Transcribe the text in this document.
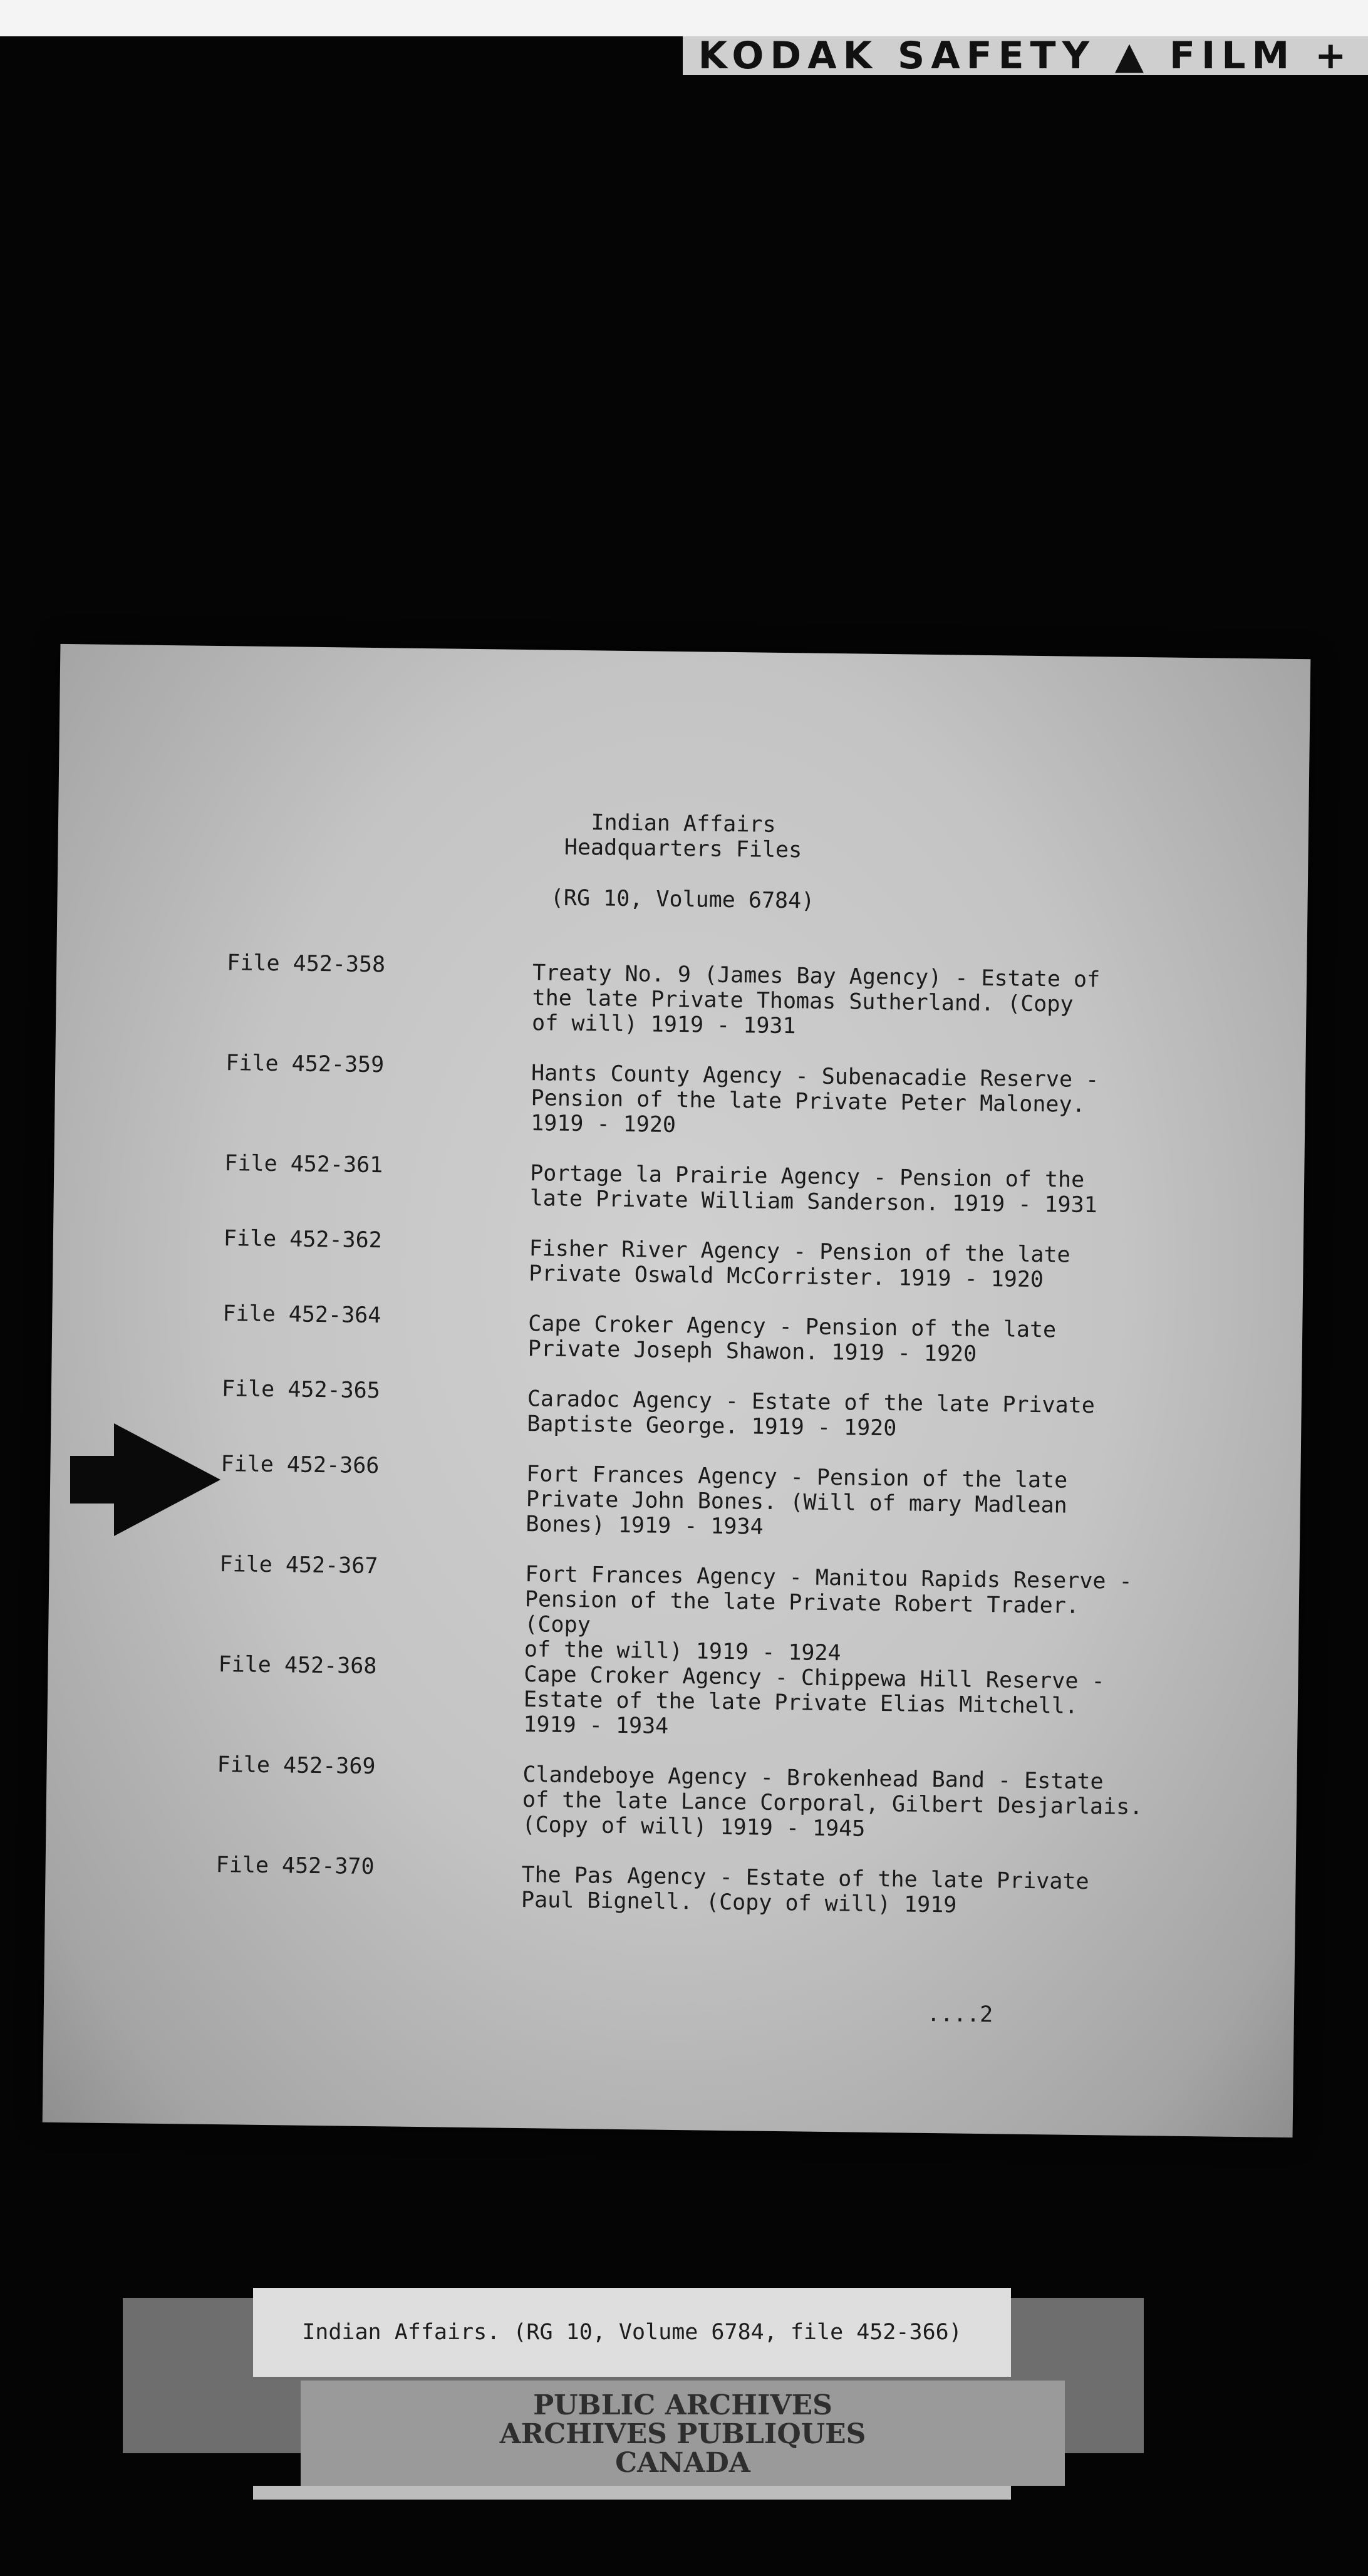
KODAK SAFETY ▲ FILM +
Indian Affairs
Headquarters Files
(RG 10, Volume 6784)
File 452-358	Treaty No. 9 (James Bay Agency) - Estate of
the late Private Thomas Sutherland. (Copy
of will) 1919 - 1931
File 452-359	Hants County Agency - Subenacadie Reserve -
Pension of the late Private Peter Maloney.
1919 - 1920
File 452-361	Portage la Prairie Agency - Pension of the
late Private William Sanderson. 1919 - 1931
File 452-362	Fisher River Agency - Pension of the late
Private Oswald McCorrister. 1919 - 1920
File 452-364	Cape Croker Agency - Pension of the late
Private Joseph Shawon. 1919 - 1920
File 452-365	Caradoc Agency - Estate of the late Private
Baptiste George. 1919 - 1920
File 452-366	Fort Frances Agency - Pension of the late
Private John Bones. (Will of mary Madlean
Bones) 1919 - 1934
File 452-367	Fort Frances Agency - Manitou Rapids Reserve -
Pension of the late Private Robert Trader. (Copy
of the will) 1919 - 1924
File 452-368	Cape Croker Agency - Chippewa Hill Reserve -
Estate of the late Private Elias Mitchell.
1919 - 1934
File 452-369	Clandeboye Agency - Brokenhead Band - Estate
of the late Lance Corporal, Gilbert Desjarlais.
(Copy of will) 1919 - 1945
File 452-370	The Pas Agency - Estate of the late Private
Paul Bignell. (Copy of will) 1919
....2
Indian Affairs. (RG 10, Volume 6784, file 452-366)
PUBLIC ARCHIVES
ARCHIVES PUBLIQUES
CANADA
